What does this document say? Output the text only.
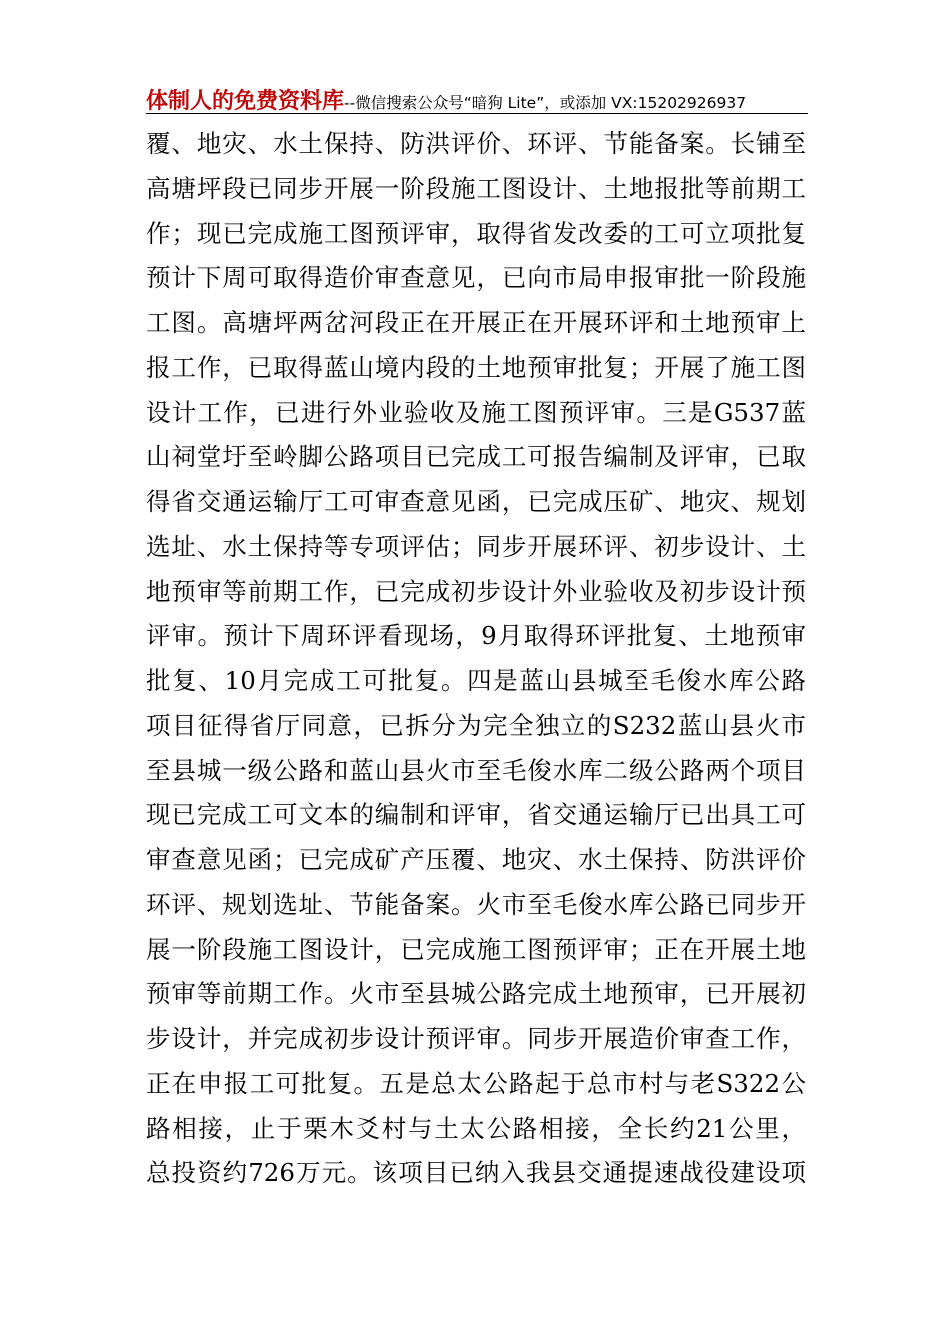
体制人的免费资料库--微信搜索公众号“暗狗 Lite”，或添加 VX:15202926937
覆、地灾、水土保持、防洪评价、环评、节能备案。长铺至
高塘坪段已同步开展一阶段施工图设计、土地报批等前期工
作；现已完成施工图预评审，取得省发改委的工可立项批复
预计下周可取得造价审查意见，已向市局申报审批一阶段施
工图。高塘坪两岔河段正在开展正在开展环评和土地预审上
报工作，已取得蓝山境内段的土地预审批复；开展了施工图
设计工作，已进行外业验收及施工图预评审。三是G537蓝
山祠堂圩至岭脚公路项目已完成工可报告编制及评审，已取
得省交通运输厅工可审查意见函，已完成压矿、地灾、规划
选址、水土保持等专项评估；同步开展环评、初步设计、土
地预审等前期工作，已完成初步设计外业验收及初步设计预
评审。预计下周环评看现场，9月取得环评批复、土地预审
批复、10月完成工可批复。四是蓝山县城至毛俊水库公路
项目征得省厅同意，已拆分为完全独立的S232蓝山县火市
至县城一级公路和蓝山县火市至毛俊水库二级公路两个项目
现已完成工可文本的编制和评审，省交通运输厅已出具工可
审查意见函；已完成矿产压覆、地灾、水土保持、防洪评价
环评、规划选址、节能备案。火市至毛俊水库公路已同步开
展一阶段施工图设计，已完成施工图预评审；正在开展土地
预审等前期工作。火市至县城公路完成土地预审，已开展初
步设计，并完成初步设计预评审。同步开展造价审查工作，
正在申报工可批复。五是总太公路起于总市村与老S322公
路相接，止于栗木爻村与土太公路相接，全长约21公里，
总投资约726万元。该项目已纳入我县交通提速战役建设项
